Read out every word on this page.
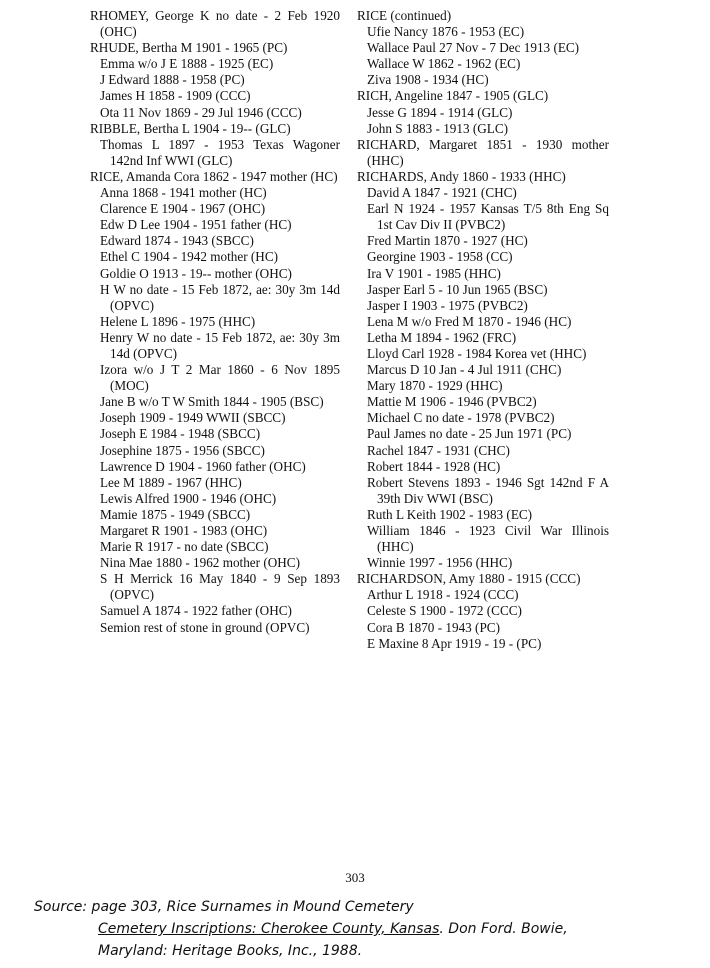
RHOMEY, George K no date - 2 Feb 1920 (OHC)

RHUDE, Bertha M 1901 - 1965 (PC)

Emma w/o J E 1888 - 1925 (EC)

J Edward 1888 - 1958 (PC)

James H 1858 - 1909 (CCC)

Ota 11 Nov 1869 - 29 Jul 1946 (CCC)

RIBBLE, Bertha L 1904 - 19-- (GLC)

Thomas L 1897 - 1953 Texas Wagoner 142nd Inf WWI (GLC)

RICE, Amanda Cora 1862 - 1947 mother (HC)

Anna 1868 - 1941 mother (HC)

Clarence E 1904 - 1967 (OHC)

Edw D Lee 1904 - 1951 father (HC)

Edward 1874 - 1943 (SBCC)

Ethel C 1904 - 1942 mother (HC)

Goldie O 1913 - 19-- mother (OHC)

H W no date - 15 Feb 1872, ae: 30y 3m 14d (OPVC)

Helene L 1896 - 1975 (HHC)

Henry W no date - 15 Feb 1872, ae: 30y 3m 14d (OPVC)

Izora w/o J T 2 Mar 1860 - 6 Nov 1895 (MOC)

Jane B w/o T W Smith 1844 - 1905 (BSC)

Joseph 1909 - 1949 WWII (SBCC)

Joseph E 1984 - 1948 (SBCC)

Josephine 1875 - 1956 (SBCC)

Lawrence D 1904 - 1960 father (OHC)

Lee M 1889 - 1967 (HHC)

Lewis Alfred 1900 - 1946 (OHC)

Mamie 1875 - 1949 (SBCC)

Margaret R 1901 - 1983 (OHC)

Marie R 1917 - no date (SBCC)

Nina Mae 1880 - 1962 mother (OHC)

S H Merrick 16 May 1840 - 9 Sep 1893 (OPVC)

Samuel A 1874 - 1922 father (OHC)

Semion rest of stone in ground (OPVC)

RICE (continued)

Ufie Nancy 1876 - 1953 (EC)

Wallace Paul 27 Nov - 7 Dec 1913 (EC)

Wallace W 1862 - 1962 (EC)

Ziva 1908 - 1934 (HC)

RICH, Angeline 1847 - 1905 (GLC)

Jesse G 1894 - 1914 (GLC)

John S 1883 - 1913 (GLC)

RICHARD, Margaret 1851 - 1930 mother (HHC)

RICHARDS, Andy 1860 - 1933 (HHC)

David A 1847 - 1921 (CHC)

Earl N 1924 - 1957 Kansas T/5 8th Eng Sq 1st Cav Div II (PVBC2)

Fred Martin 1870 - 1927 (HC)

Georgine 1903 - 1958 (CC)

Ira V 1901 - 1985 (HHC)

Jasper Earl 5 - 10 Jun 1965 (BSC)

Jasper I 1903 - 1975 (PVBC2)

Lena M w/o Fred M 1870 - 1946 (HC)

Letha M 1894 - 1962 (FRC)

Lloyd Carl 1928 - 1984 Korea vet (HHC)

Marcus D 10 Jan - 4 Jul 1911 (CHC)

Mary 1870 - 1929 (HHC)

Mattie M 1906 - 1946 (PVBC2)

Michael C no date - 1978 (PVBC2)

Paul James no date - 25 Jun 1971 (PC)

Rachel 1847 - 1931 (CHC)

Robert 1844 - 1928 (HC)

Robert Stevens 1893 - 1946 Sgt 142nd F A 39th Div WWI (BSC)

Ruth L Keith 1902 - 1983 (EC)

William 1846 - 1923 Civil War Illinois (HHC)

Winnie 1997 - 1956 (HHC)

RICHARDSON, Amy 1880 - 1915 (CCC)

Arthur L 1918 - 1924 (CCC)

Celeste S 1900 - 1972 (CCC)

Cora B 1870 - 1943 (PC)

E Maxine 8 Apr 1919 - 19 - (PC)

303

Source: page 303, Rice Surnames in Mound Cemetery

Cemetery Inscriptions: Cherokee County, Kansas. Don Ford. Bowie,

Maryland: Heritage Books, Inc., 1988.
